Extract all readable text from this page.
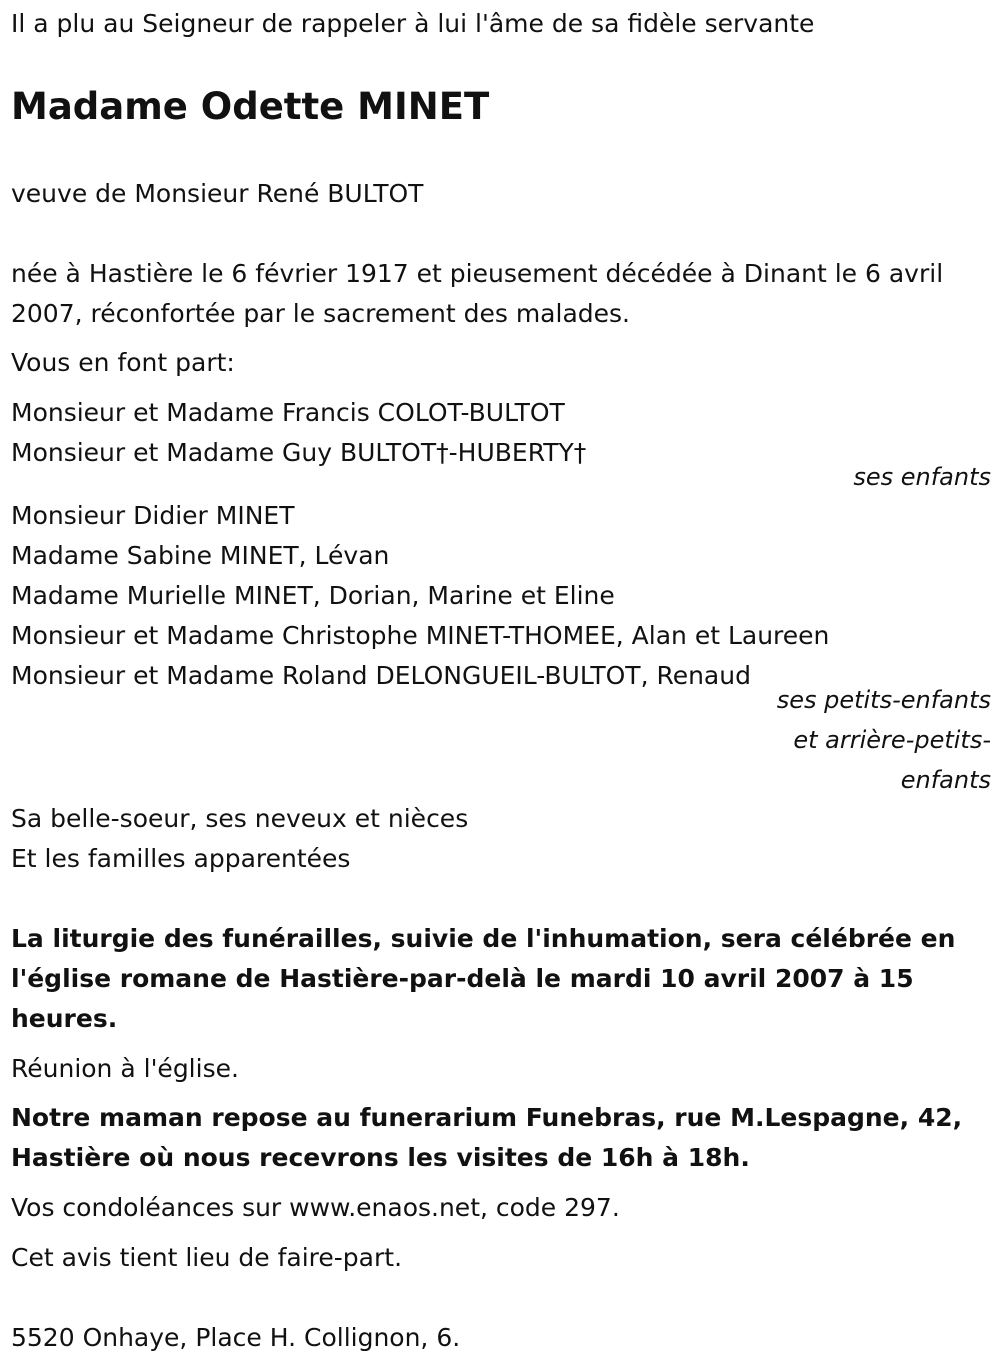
Il a plu au Seigneur de rappeler à lui l'âme de sa fidèle servante
Madame Odette MINET
veuve de Monsieur René BULTOT
née à Hastière le 6 février 1917 et pieusement décédée à Dinant le 6 avril 2007, réconfortée par le sacrement des malades.
Vous en font part:
Monsieur et Madame Francis COLOT-BULTOT
Monsieur et Madame Guy BULTOT†-HUBERTY†
ses enfants
Monsieur Didier MINET
Madame Sabine MINET, Lévan
Madame Murielle MINET, Dorian, Marine et Eline
Monsieur et Madame Christophe MINET-THOMEE, Alan et Laureen
Monsieur et Madame Roland DELONGUEIL-BULTOT, Renaud
ses petits-enfants et arrière-petits-enfants
Sa belle-soeur, ses neveux et nièces
Et les familles apparentées
La liturgie des funérailles, suivie de l'inhumation, sera célébrée en l'église romane de Hastière-par-delà le mardi 10 avril 2007 à 15 heures.
Réunion à l'église.
Notre maman repose au funerarium Funebras, rue M.Lespagne, 42, Hastière où nous recevrons les visites de 16h à 18h.
Vos condoléances sur www.enaos.net, code 297.
Cet avis tient lieu de faire-part.
5520 Onhaye, Place H. Collignon, 6.
